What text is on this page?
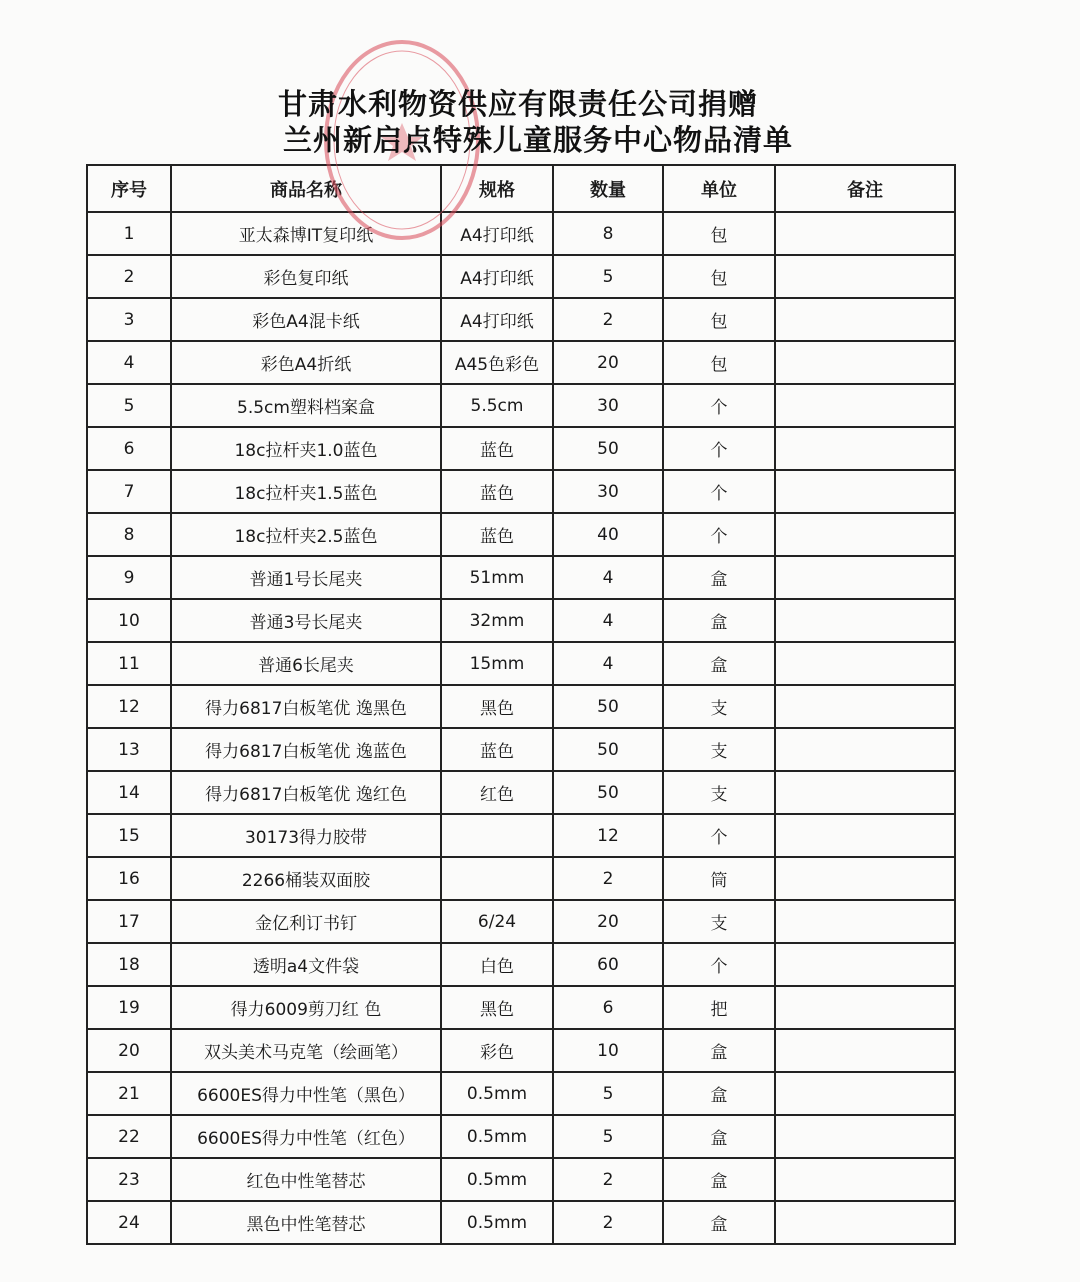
甘肃水利物资供应有限责任公司捐赠
兰州新启点特殊儿童服务中心物品清单
序号	商品名称	规格	数量	单位	备注
1	亚太森博IT复印纸	A4打印纸	8	包	
2	彩色复印纸	A4打印纸	5	包	
3	彩色A4混卡纸	A4打印纸	2	包	
4	彩色A4折纸	A45色彩色	20	包	
5	5.5cm塑料档案盒	5.5cm	30	个	
6	18c拉杆夹1.0蓝色	蓝色	50	个	
7	18c拉杆夹1.5蓝色	蓝色	30	个	
8	18c拉杆夹2.5蓝色	蓝色	40	个	
9	普通1号长尾夹	51mm	4	盒	
10	普通3号长尾夹	32mm	4	盒	
11	普通6长尾夹	15mm	4	盒	
12	得力6817白板笔优 逸黑色	黑色	50	支	
13	得力6817白板笔优 逸蓝色	蓝色	50	支	
14	得力6817白板笔优 逸红色	红色	50	支	
15	30173得力胶带		12	个	
16	2266桶装双面胶		2	筒	
17	金亿利订书钉	6/24	20	支	
18	透明a4文件袋	白色	60	个	
19	得力6009剪刀红 色	黑色	6	把	
20	双头美术马克笔（绘画笔）	彩色	10	盒	
21	6600ES得力中性笔（黑色）	0.5mm	5	盒	
22	6600ES得力中性笔（红色）	0.5mm	5	盒	
23	红色中性笔替芯	0.5mm	2	盒	
24	黑色中性笔替芯	0.5mm	2	盒	
